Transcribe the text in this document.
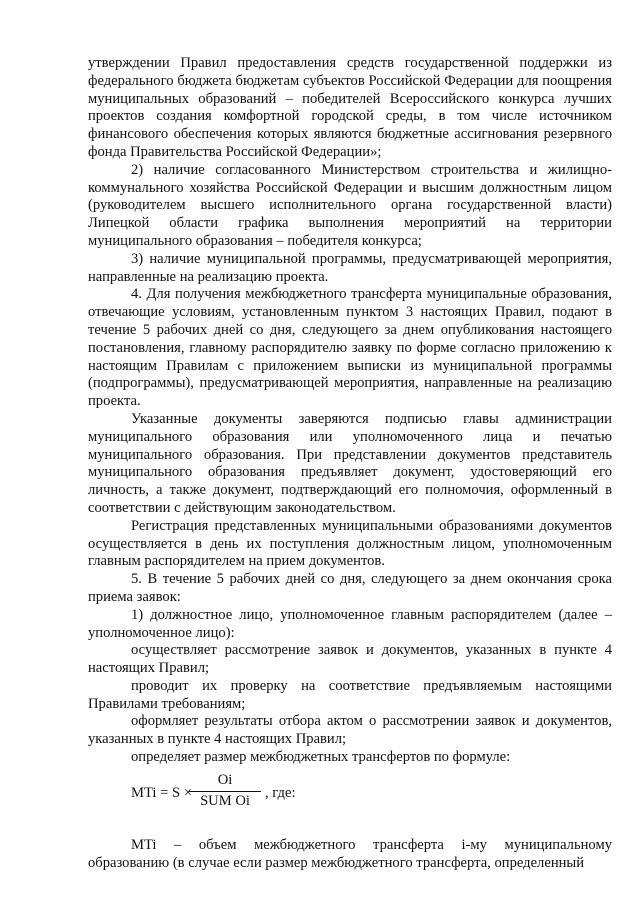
утверждении Правил предоставления средств государственной поддержки из федерального бюджета бюджетам субъектов Российской Федерации для поощрения муниципальных образований – победителей Всероссийского конкурса лучших проектов создания комфортной городской среды, в том числе источником финансового обеспечения которых являются бюджетные ассигнования резервного фонда Правительства Российской Федерации»;

2) наличие согласованного Министерством строительства и жилищно-коммунального хозяйства Российской Федерации и высшим должностным лицом (руководителем высшего исполнительного органа государственной власти) Липецкой области графика выполнения мероприятий на территории муниципального образования – победителя конкурса;

3) наличие муниципальной программы, предусматривающей мероприятия, направленные на реализацию проекта.

4. Для получения межбюджетного трансферта муниципальные образования, отвечающие условиям, установленным пунктом 3 настоящих Правил, подают в течение 5 рабочих дней со дня, следующего за днем опубликования настоящего постановления, главному распорядителю заявку по форме согласно приложению к настоящим Правилам с приложением выписки из муниципальной программы (подпрограммы), предусматривающей мероприятия, направленные на реализацию проекта.

Указанные документы заверяются подписью главы администрации муниципального образования или уполномоченного лица и печатью муниципального образования. При представлении документов представитель муниципального образования предъявляет документ, удостоверяющий его личность, а также документ, подтверждающий его полномочия, оформленный в соответствии с действующим законодательством.

Регистрация представленных муниципальными образованиями документов осуществляется в день их поступления должностным лицом, уполномоченным главным распорядителем на прием документов.

5. В течение 5 рабочих дней со дня, следующего за днем окончания срока приема заявок:

1) должностное лицо, уполномоченное главным распорядителем (далее – уполномоченное лицо):

осуществляет рассмотрение заявок и документов, указанных в пункте 4 настоящих Правил;

проводит их проверку на соответствие предъявляемым настоящими Правилами требованиям;

оформляет результаты отбора актом о рассмотрении заявок и документов, указанных в пункте 4 настоящих Правил;

определяет размер межбюджетных трансфертов по формуле:

MTi = S ×
Oi
SUM Oi	, где:

MTi – объем межбюджетного трансферта i-му муниципальному образованию (в случае если размер межбюджетного трансферта, определенный
